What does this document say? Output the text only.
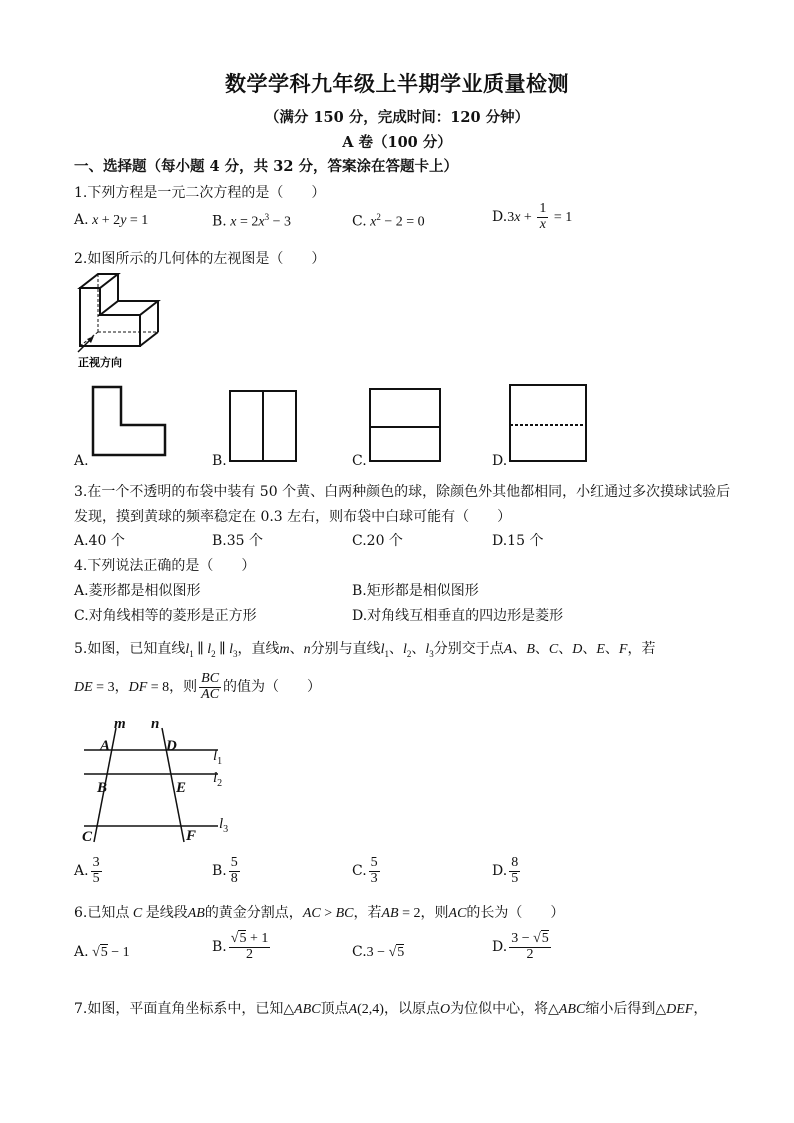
数学学科九年级上半期学业质量检测
（满分 150 分，完成时间：120 分钟）
A 卷（100 分）
一、选择题（每小题 4 分，共 32 分，答案涂在答题卡上）
1.下列方程是一元二次方程的是（　　）
A. x + 2y = 1	B. $x = 2x^3 - 3$	C. $x^2 - 2 = 0$	$D.3x + \frac{1}{x} = 1$
2.如图所示的几何体的左视图是（　　）
正视方向
A.	B.	C.	D.
3.在一个不透明的布袋中装有 50 个黄、白两种颜色的球，除颜色外其他都相同，小红通过多次摸球试验后
发现，摸到黄球的频率稳定在 0.3 左右，则布袋中白球可能有（　　）
A.40 个	B.35 个	C.20 个	D.15 个
4.下列说法正确的是（　　）
A.菱形都是相似图形	B.矩形都是相似图形
C.对角线相等的菱形是正方形	D.对角线互相垂直的四边形是菱形
5.如图，已知直线$l_1$ ∥ $l_2$ ∥ $l_3$，直线m、n分别与直线$l_1$、$l_2$、$l_3$分别交于点A、B、C、D、E、F，若
DE = 3，DF = 8，则 $\frac{BC}{AC}$ 的值为（　　）
m n
A	D
B	E
C	F
$l_1$
$l_2$
$l_3$
A. $\frac{3}{5}$	B. $\frac{5}{8}$	C. $\frac{5}{3}$	D. $\frac{8}{5}$
6.已知点 C 是线段AB的黄金分割点，AC > BC，若AB = 2，则AC的长为（　　）
A. √5 − 1	B. $\frac{√5 + 1}{2}$	C.3 − √5	D. $\frac{3 - √5}{2}$
7.如图，平面直角坐标系中，已知△ABC顶点A(2,4)，以原点O为位似中心，将△ABC缩小后得到△DEF，
